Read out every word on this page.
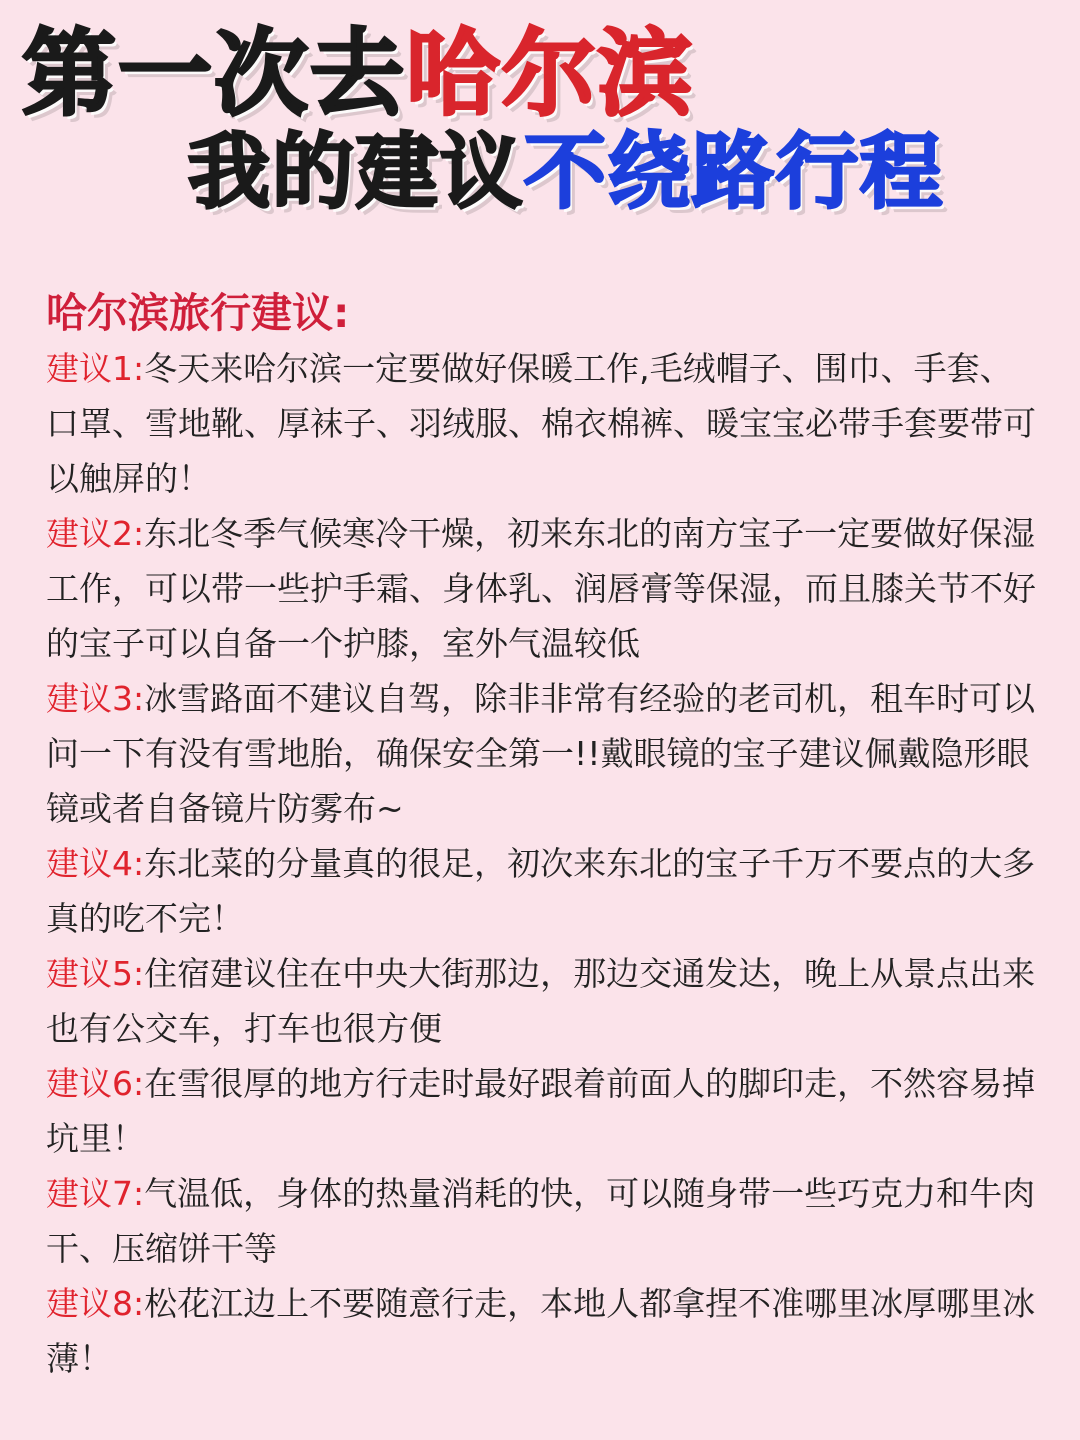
第一次去哈尔滨
我的建议不绕路行程
哈尔滨旅行建议:
建议1:冬天来哈尔滨一定要做好保暖工作,毛绒帽子、围巾、手套、口罩、雪地靴、厚袜子、羽绒服、棉衣棉裤、暖宝宝必带手套要带可以触屏的！
建议2:东北冬季气候寒冷干燥，初来东北的南方宝子一定要做好保湿工作，可以带一些护手霜、身体乳、润唇膏等保湿，而且膝关节不好的宝子可以自备一个护膝，室外气温较低
建议3:冰雪路面不建议自驾，除非非常有经验的老司机，租车时可以问一下有没有雪地胎，确保安全第一!!戴眼镜的宝子建议佩戴隐形眼镜或者自备镜片防雾布~
建议4:东北菜的分量真的很足，初次来东北的宝子千万不要点的大多真的吃不完！
建议5:住宿建议住在中央大街那边，那边交通发达，晚上从景点出来也有公交车，打车也很方便
建议6:在雪很厚的地方行走时最好跟着前面人的脚印走，不然容易掉坑里！
建议7:气温低，身体的热量消耗的快，可以随身带一些巧克力和牛肉干、压缩饼干等
建议8:松花江边上不要随意行走，本地人都拿捏不准哪里冰厚哪里冰薄！
